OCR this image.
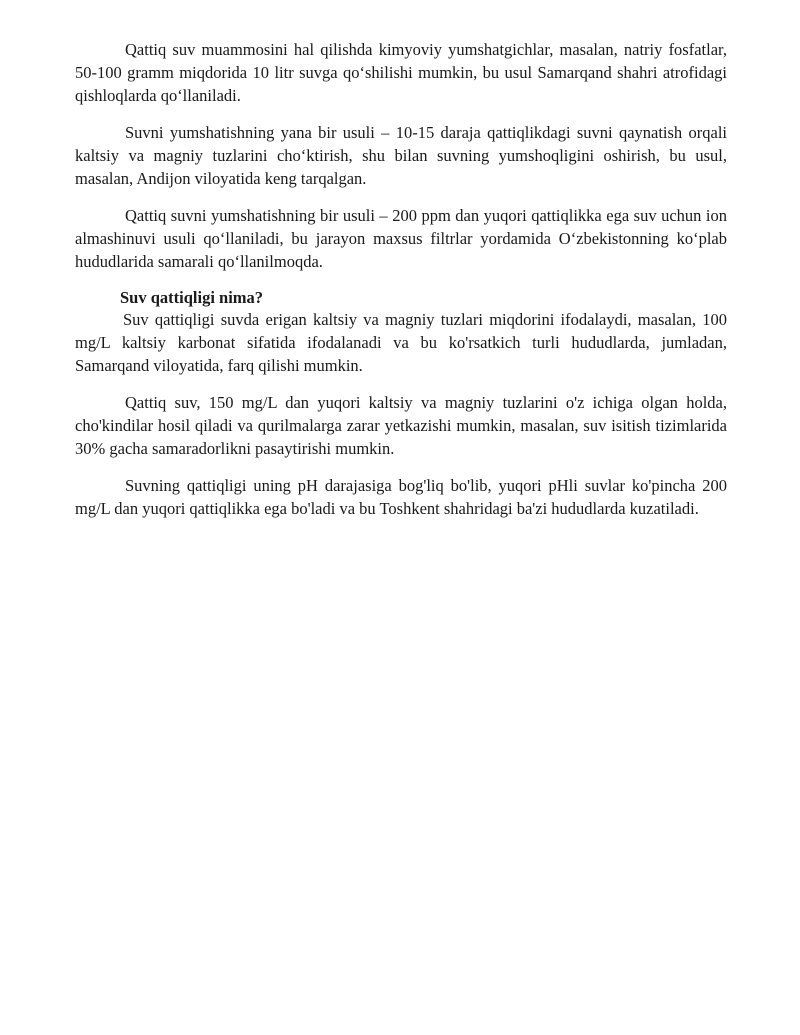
Qattiq suv muammosini hal qilishda kimyoviy yumshatgichlar, masalan, natriy fosfatlar, 50-100 gramm miqdorida 10 litr suvga qo‘shilishi mumkin, bu usul Samarqand shahri atrofidagi qishloqlarda qo‘llaniladi.

Suvni yumshatishning yana bir usuli – 10-15 daraja qattiqlikdagi suvni qaynatish orqali kaltsiy va magniy tuzlarini cho‘ktirish, shu bilan suvning yumshoqligini oshirish, bu usul, masalan, Andijon viloyatida keng tarqalgan.

Qattiq suvni yumshatishning bir usuli – 200 ppm dan yuqori qattiqlikka ega suv uchun ion almashinuvi usuli qo‘llaniladi, bu jarayon maxsus filtrlar yordamida O‘zbekistonning ko‘plab hududlarida samarali qo‘llanilmoqda.

Suv qattiqligi nima?

Suv qattiqligi suvda erigan kaltsiy va magniy tuzlari miqdorini ifodalaydi, masalan, 100 mg/L kaltsiy karbonat sifatida ifodalanadi va bu ko'rsatkich turli hududlarda, jumladan, Samarqand viloyatida, farq qilishi mumkin.

Qattiq suv, 150 mg/L dan yuqori kaltsiy va magniy tuzlarini o'z ichiga olgan holda, cho'kindilar hosil qiladi va qurilmalarga zarar yetkazishi mumkin, masalan, suv isitish tizimlarida 30% gacha samaradorlikni pasaytirishi mumkin.

Suvning qattiqligi uning pH darajasiga bog'liq bo'lib, yuqori pHli suvlar ko'pincha 200 mg/L dan yuqori qattiqlikka ega bo'ladi va bu Toshkent shahridagi ba'zi hududlarda kuzatiladi.
